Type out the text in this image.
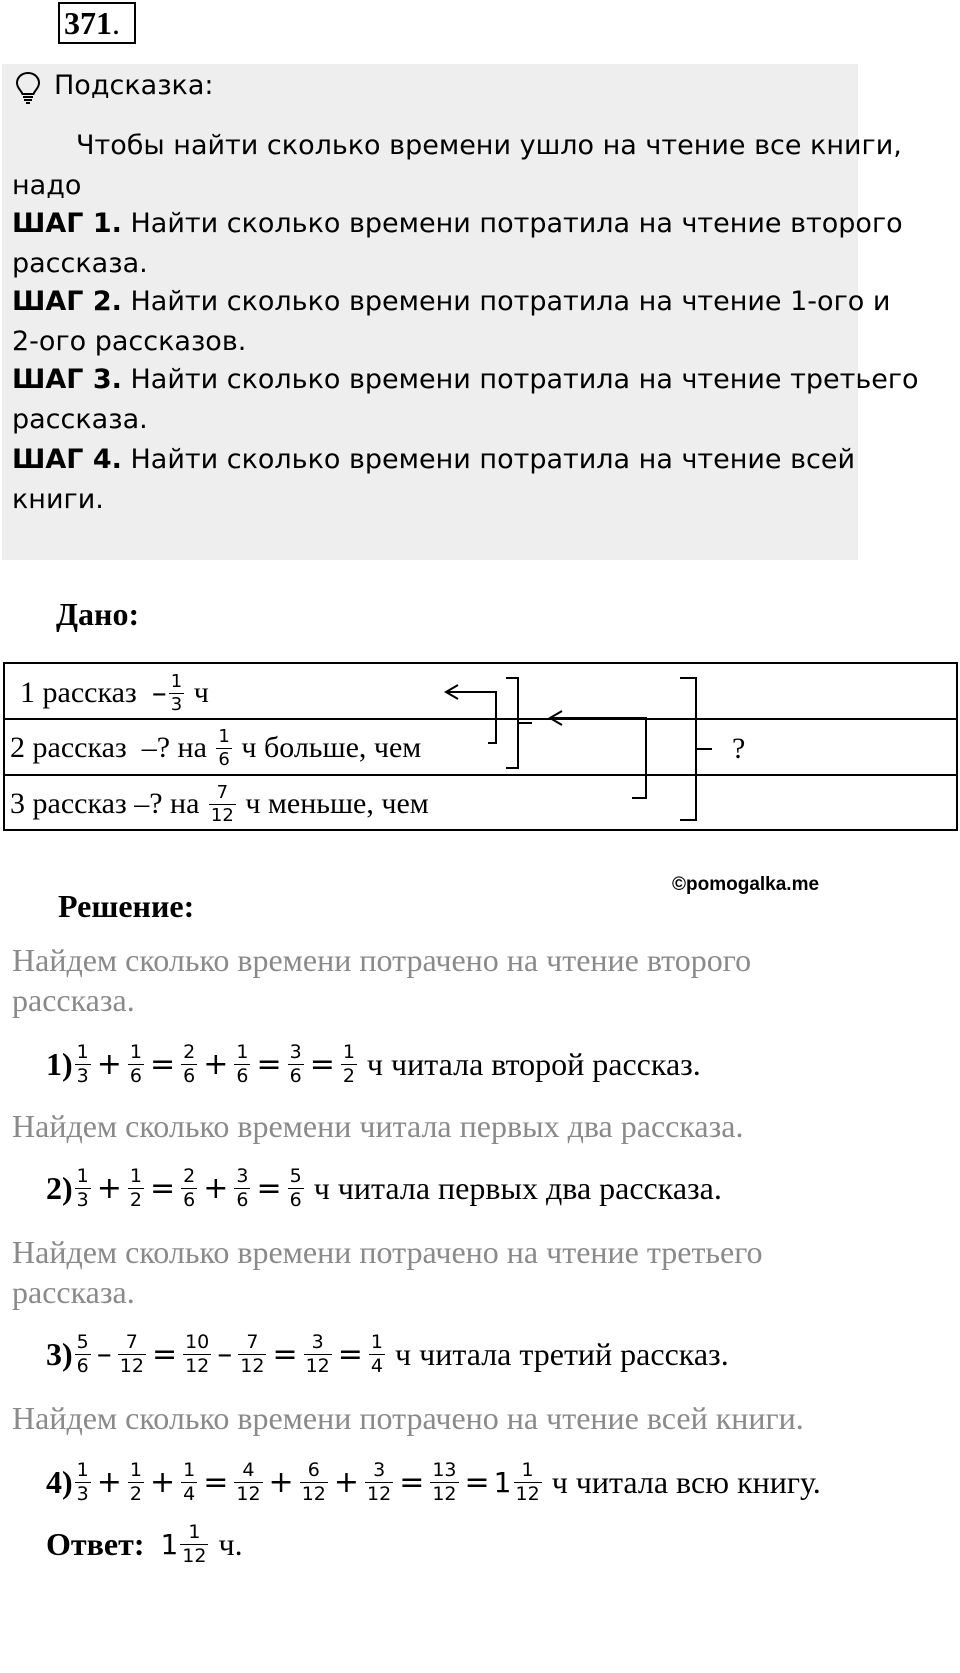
371.
Подсказка:
Чтобы найти сколько времени ушло на чтение все книги,
надо
ШАГ 1. Найти сколько времени потратила на чтение второго
рассказа.
ШАГ 2. Найти сколько времени потратила на чтение 1-ого и
2-ого рассказов.
ШАГ 3. Найти сколько времени потратила на чтение третьего
рассказа.
ШАГ 4. Найти сколько времени потратила на чтение всей
книги.
Дано:
1 рассказ
– $\frac{1}{3}$
ч
2 рассказ
–? на
$\frac{1}{6}$
ч больше, чем
3 рассказ
–? на
$\frac{7}{12}$
ч меньше, чем
?
©pomogalka.me
Решение:
Найдем сколько времени потрачено на чтение второго
рассказа.
$1) \frac{1}{3} + \frac{1}{6} = \frac{2}{6} + \frac{1}{6} = \frac{3}{6} = \frac{1}{2}$
ч читала второй рассказ.
Найдем сколько времени читала первых два рассказа.
$2) \frac{1}{3} + \frac{1}{2} = \frac{2}{6} + \frac{3}{6} = \frac{5}{6}$
ч читала первых два рассказа.
Найдем сколько времени потрачено на чтение третьего
рассказа.
$3) \frac{5}{6} - \frac{7}{12} = \frac{10}{12} - \frac{7}{12} = \frac{3}{12} = \frac{1}{4}$
ч читала третий рассказ.
Найдем сколько времени потрачено на чтение всей книги.
$4) \frac{1}{3} + \frac{1}{2} + \frac{1}{4} = \frac{4}{12} + \frac{6}{12} + \frac{3}{12} = \frac{13}{12} = 1 \frac{1}{12}$
ч читала всю книгу.
Ответ:
$1 \frac{1}{12}$
ч.
